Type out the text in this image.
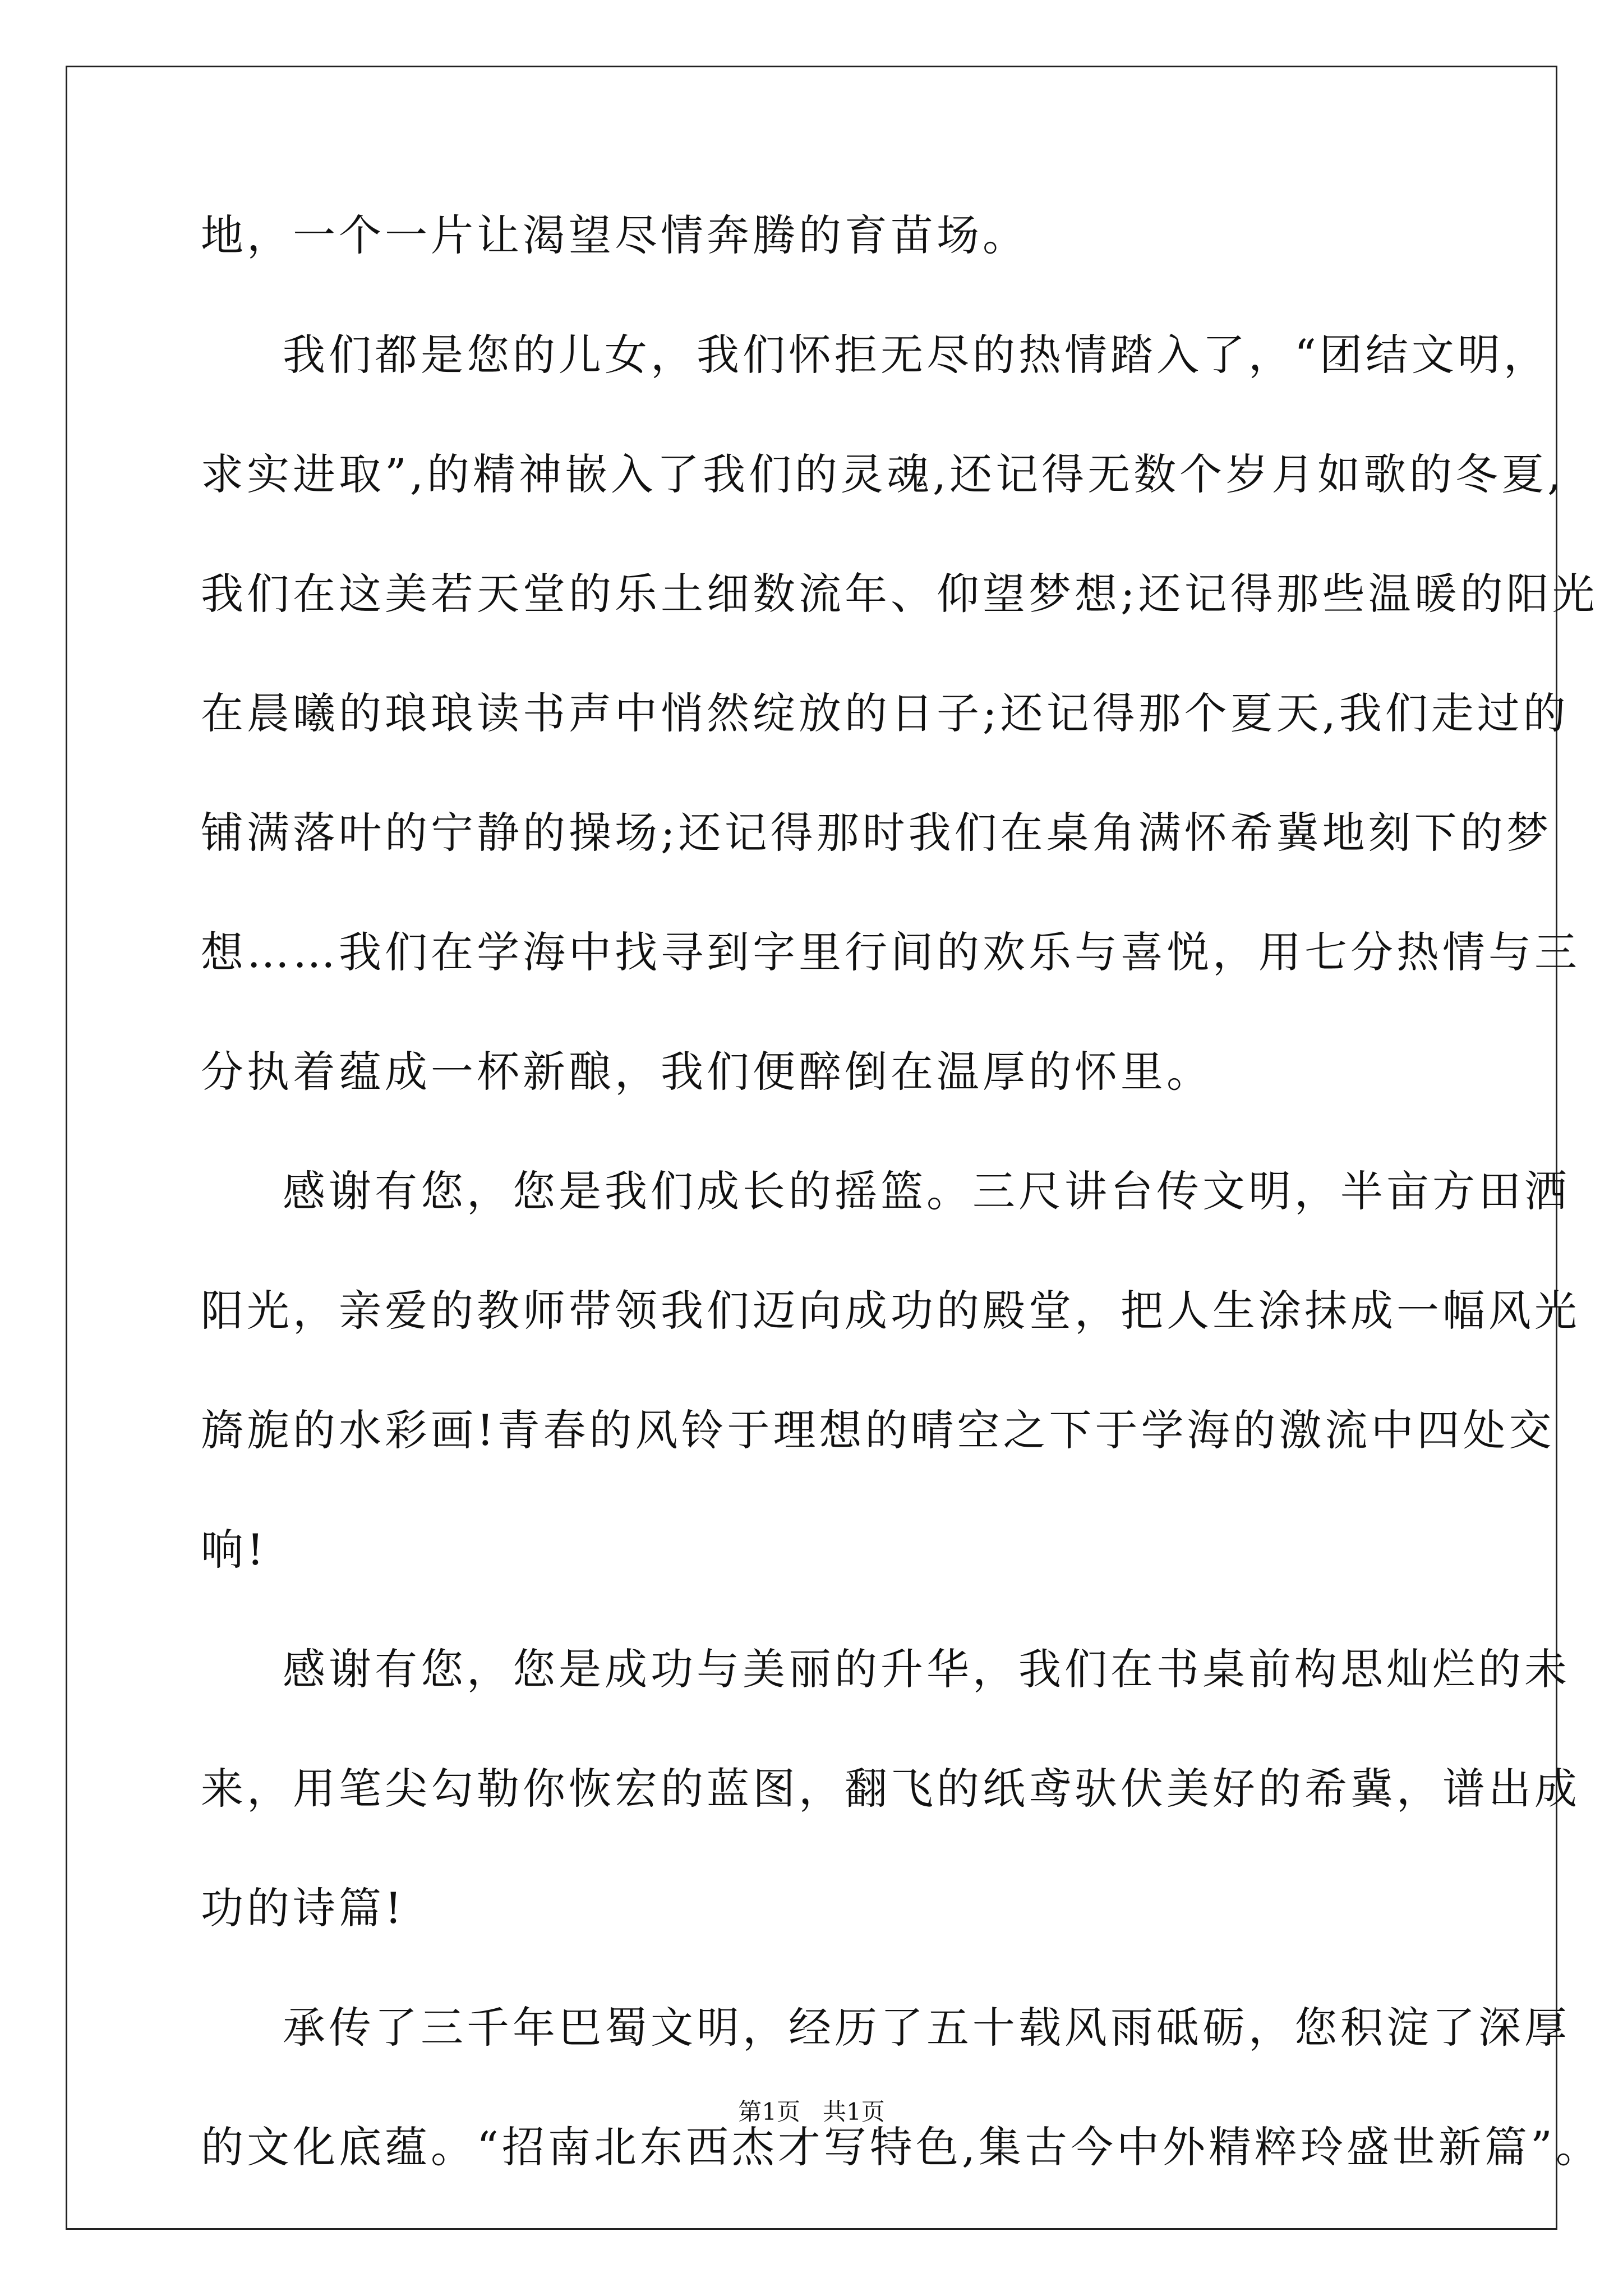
地，一个一片让渴望尽情奔腾的育苗场。
我们都是您的儿女，我们怀拒无尽的热情踏入了，“团结文明，
求实进取”,的精神嵌入了我们的灵魂,还记得无数个岁月如歌的冬夏,
我们在这美若天堂的乐土细数流年、仰望梦想;还记得那些温暖的阳光
在晨曦的琅琅读书声中悄然绽放的日子;还记得那个夏天,我们走过的
铺满落叶的宁静的操场;还记得那时我们在桌角满怀希冀地刻下的梦
想……我们在学海中找寻到字里行间的欢乐与喜悦，用七分热情与三
分执着蕴成一杯新酿，我们便醉倒在温厚的怀里。
感谢有您，您是我们成长的摇篮。三尺讲台传文明，半亩方田洒
阳光，亲爱的教师带领我们迈向成功的殿堂，把人生涂抹成一幅风光
旖旎的水彩画!青春的风铃于理想的晴空之下于学海的激流中四处交
响!
感谢有您，您是成功与美丽的升华，我们在书桌前构思灿烂的未
来，用笔尖勾勒你恢宏的蓝图，翻飞的纸鸢驮伏美好的希冀，谱出成
功的诗篇!
承传了三千年巴蜀文明，经历了五十载风雨砥砺，您积淀了深厚
的文化底蕴。“招南北东西杰才写特色,集古今中外精粹玲盛世新篇”。
第1页   共1页
